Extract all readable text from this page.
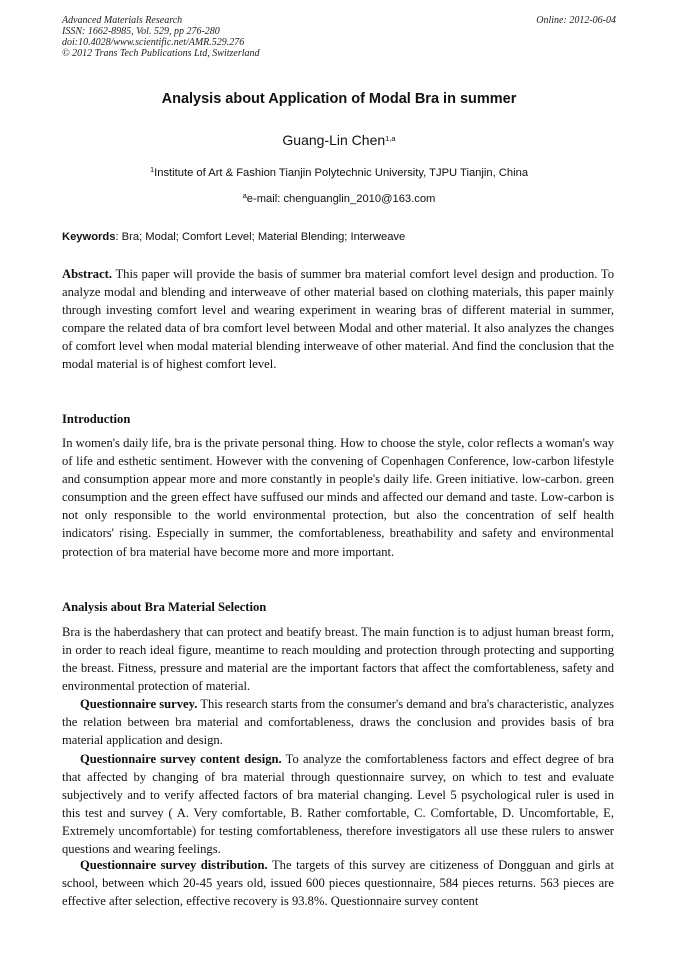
Advanced Materials Research
ISSN: 1662-8985, Vol. 529, pp 276-280
doi:10.4028/www.scientific.net/AMR.529.276
© 2012 Trans Tech Publications Ltd, Switzerland
Online: 2012-06-04
Analysis about Application of Modal Bra in summer
Guang-Lin Chen$^{1,a}$
$^1$Institute of Art & Fashion Tianjin Polytechnic University, TJPU Tianjin, China
$^a$e-mail: chenguanglin_2010@163.com
Keywords: Bra; Modal; Comfort Level; Material Blending; Interweave

Abstract. This paper will provide the basis of summer bra material comfort level design and production. To analyze modal and blending and interweave of other material based on clothing materials, this paper mainly through investing comfort level and wearing experiment in wearing bras of different material in summer, compare the related data of bra comfort level between Modal and other material. It also analyzes the changes of comfort level when modal material blending interweave of other material. And find the conclusion that the modal material is of highest comfort level.

Introduction

In women's daily life, bra is the private personal thing. How to choose the style, color reflects a woman's way of life and esthetic sentiment. However with the convening of Copenhagen Conference, low-carbon lifestyle and consumption appear more and more constantly in people's daily life. Green initiative. low-carbon. green consumption and the green effect have suffused our minds and affected our demand and taste. Low-carbon is not only responsible to the world environmental protection, but also the concentration of self health indicators' rising. Especially in summer, the comfortableness, breathability and safety and environmental protection of bra material have become more and more important.

Analysis about Bra Material Selection

Bra is the haberdashery that can protect and beatify breast. The main function is to adjust human breast form, in order to reach ideal figure, meantime to reach moulding and protection through protecting and supporting the breast. Fitness, pressure and material are the important factors that affect the comfortableness, safety and environmental protection of material.

Questionnaire survey. This research starts from the consumer's demand and bra's characteristic, analyzes the relation between bra material and comfortableness, draws the conclusion and provides basis of bra material application and design.

Questionnaire survey content design. To analyze the comfortableness factors and effect degree of bra that affected by changing of bra material through questionnaire survey, on which to test and evaluate subjectively and to verify affected factors of bra material changing. Level 5 psychological ruler is used in this test and survey ( A. Very comfortable, B. Rather comfortable, C. Comfortable, D. Uncomfortable, E, Extremely uncomfortable) for testing comfortableness, therefore investigators all use these rulers to answer questions and wearing feelings.

Questionnaire survey distribution. The targets of this survey are citizeness of Dongguan and girls at school, between which 20-45 years old, issued 600 pieces questionnaire, 584 pieces returns. 563 pieces are effective after selection, effective recovery is 93.8%. Questionnaire survey content
